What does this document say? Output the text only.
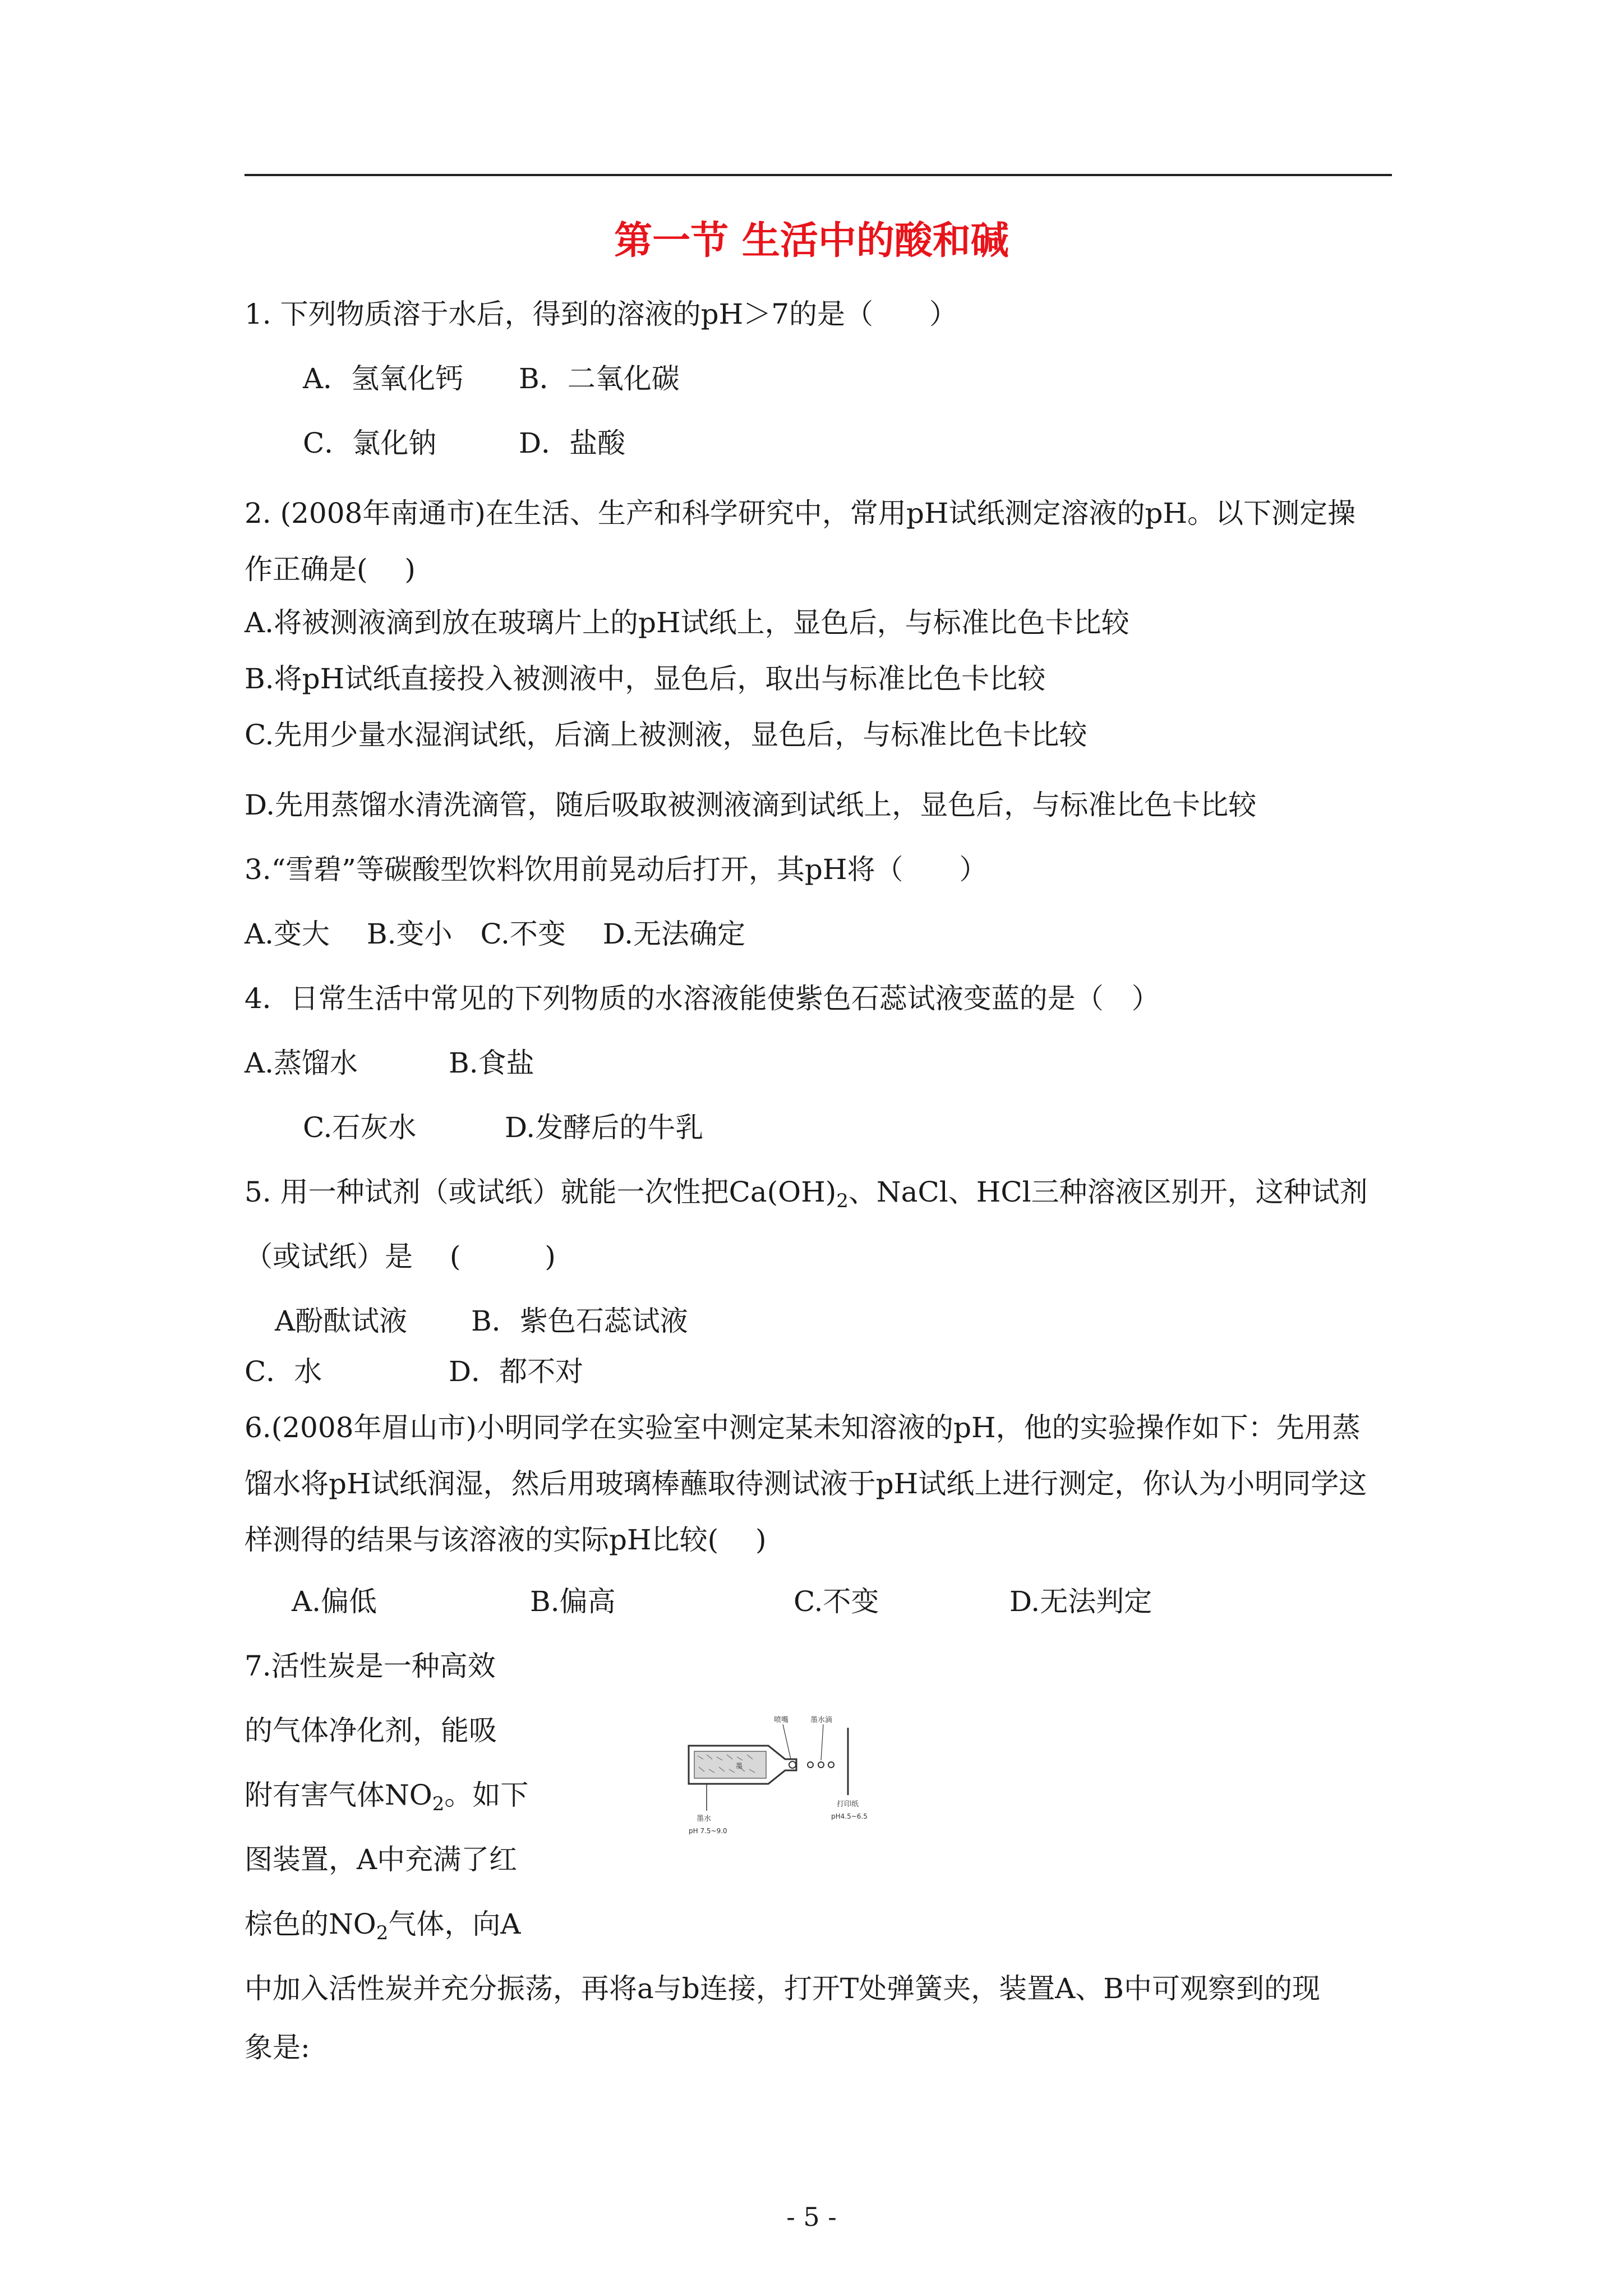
第一节 生活中的酸和碱
1. 下列物质溶于水后，得到的溶液的pH＞7的是（　　）
A．氢氧化钙 B．二氧化碳
C．氯化钠	D．盐酸
2. (2008年南通市)在生活、生产和科学研究中，常用pH试纸测定溶液的pH。以下测定操
作正确是(　 )
A.将被测液滴到放在玻璃片上的pH试纸上，显色后，与标准比色卡比较
B.将pH试纸直接投入被测液中，显色后，取出与标准比色卡比较
C.先用少量水湿润试纸，后滴上被测液，显色后，与标准比色卡比较
D.先用蒸馏水清洗滴管，随后吸取被测液滴到试纸上，显色后，与标准比色卡比较
3.“雪碧”等碳酸型饮料饮用前晃动后打开，其pH将（　　）
A.变大　 B.变小　C.不变　 D.无法确定
4．日常生活中常见的下列物质的水溶液能使紫色石蕊试液变蓝的是（　）
A.蒸馏水	B.食盐
C.石灰水	D.发酵后的牛乳
5. 用一种试剂（或试纸）就能一次性把$Ca(OH)_2$、NaCl、HCl三种溶液区别开，这种试剂
（或试纸）是　 (　　　)
A酚酞试液 B．紫色石蕊试液
C．水	D．都不对
6.(2008年眉山市)小明同学在实验室中测定某未知溶液的pH，他的实验操作如下：先用蒸
馏水将pH试纸润湿，然后用玻璃棒蘸取待测试液于pH试纸上进行测定，你认为小明同学这
样测得的结果与该溶液的实际pH比较(　 )
A.偏低	B.偏高	C.不变	D.无法判定
7.活性炭是一种高效
的气体净化剂，能吸
附有害气体$NO_2$。如下
图装置，A中充满了红
棕色的$NO_2$气体，向A
中加入活性炭并充分振荡，再将a与b连接，打开T处弹簧夹，装置A、B中可观察到的现
象是:
墨
喷嘴	墨水滴
墨水
pH 7.5~9.0
打印纸
pH4.5~6.5
- 5 -
